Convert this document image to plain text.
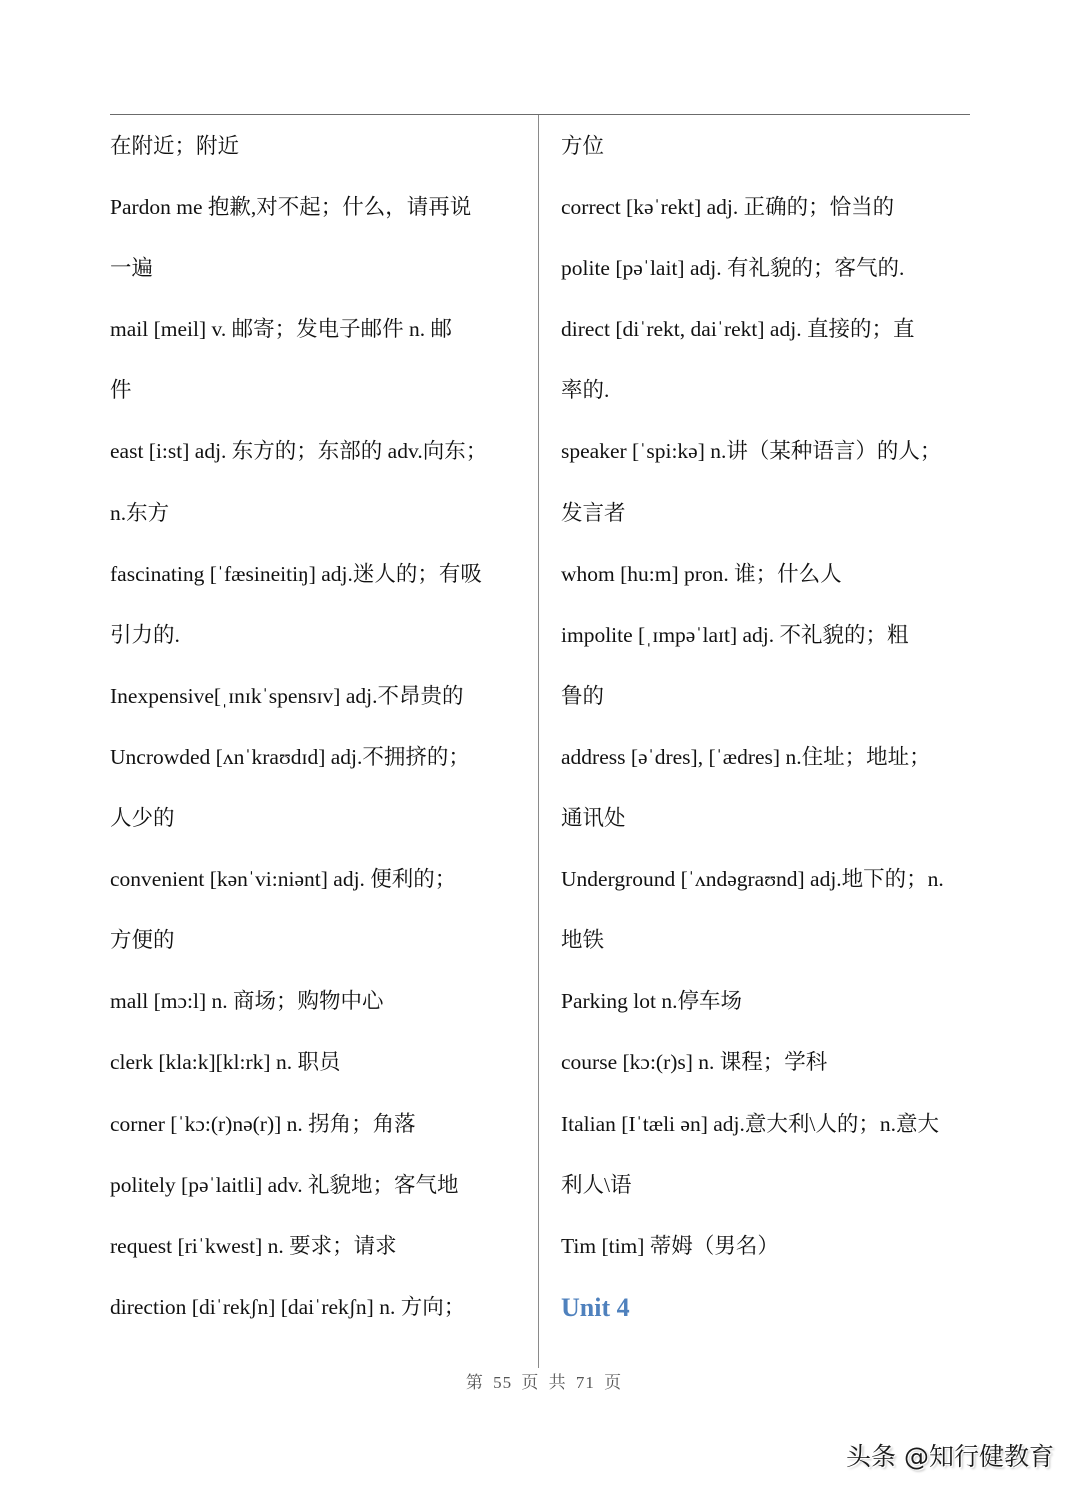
在附近；附近
Pardon me 抱歉,对不起；什么，请再说
一遍
mail [meil] v. 邮寄；发电子邮件 n. 邮
件
east [i:st] adj. 东方的；东部的 adv.向东；
n.东方
fascinating [ˈfæsineitiŋ] adj.迷人的；有吸
引力的.
Inexpensive[ˌɪnɪkˈspensɪv] adj.不昂贵的
Uncrowded [ʌnˈkraʊdɪd] adj.不拥挤的；
人少的
convenient [kənˈvi:niənt] adj. 便利的；
方便的
mall [mɔ:l] n. 商场；购物中心
clerk [kla:k][kl:rk] n. 职员
corner [ˈkɔ:(r)nə(r)] n. 拐角；角落
politely [pəˈlaitli] adv. 礼貌地；客气地
request [riˈkwest] n. 要求；请求
direction [diˈrekʃn] [daiˈrekʃn] n. 方向；
方位
correct [kəˈrekt] adj. 正确的；恰当的
polite [pəˈlait] adj. 有礼貌的；客气的.
direct [diˈrekt, daiˈrekt] adj. 直接的；直
率的.
speaker [ˈspi:kə] n.讲（某种语言）的人；
发言者
whom [hu:m] pron. 谁；什么人
impolite [ˌɪmpəˈlaɪt] adj. 不礼貌的；粗
鲁的
address [əˈdres], [ˈædres] n.住址；地址；
通讯处
Underground [ˈʌndəgraʊnd] adj.地下的；n.
地铁
Parking lot n.停车场
course [kɔ:(r)s] n. 课程；学科
Italian [Iˈtæli ən] adj.意大利\人的；n.意大
利人\语
Tim [tim] 蒂姆（男名）
Unit 4
第 55 页 共 71 页
头条 @知行健教育
